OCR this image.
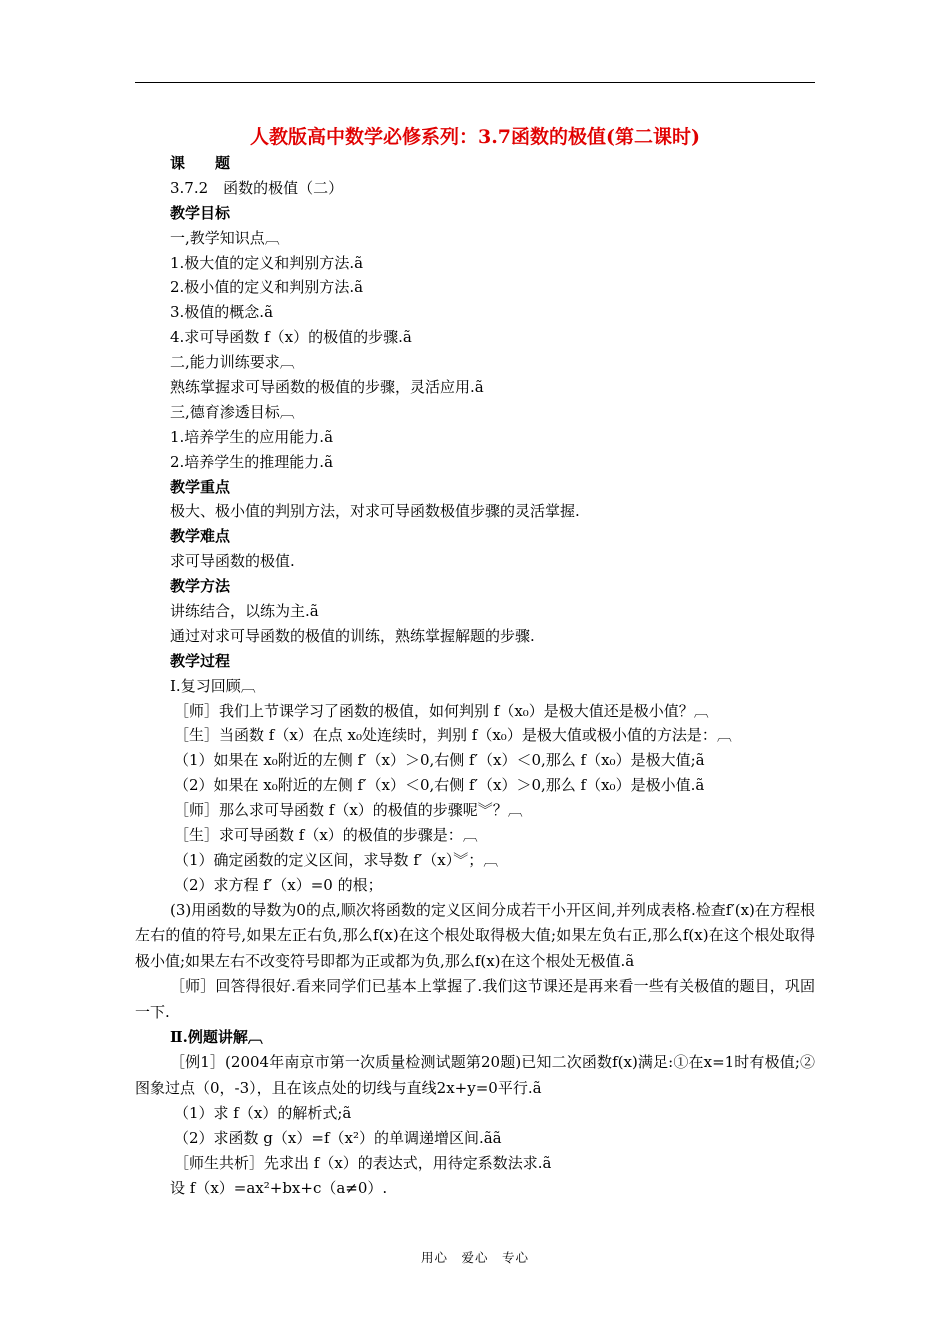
人教版高中数学必修系列：3.7函数的极值(第二课时)
课　　题
3.7.2　函数的极值（二）
教学目标
一,教学知识点︹
1.极大值的定义和判别方法.ã
2.极小值的定义和判别方法.ã
3.极值的概念.ã
4.求可导函数 f（x）的极值的步骤.ã
二,能力训练要求︹
熟练掌握求可导函数的极值的步骤，灵活应用.ã
三,德育渗透目标︹
1.培养学生的应用能力.ã
2.培养学生的推理能力.ã
教学重点
极大、极小值的判别方法，对求可导函数极值步骤的灵活掌握.
教学难点
求可导函数的极值.
教学方法
讲练结合，以练为主.ã
通过对求可导函数的极值的训练，熟练掌握解题的步骤.
教学过程
Ⅰ.复习回顾︹
［师］我们上节课学习了函数的极值，如何判别 f（x₀）是极大值还是极小值？︹
［生］当函数 f（x）在点 x₀处连续时，判别 f（x₀）是极大值或极小值的方法是：︹
（1）如果在 x₀附近的左侧 f′（x）＞0,右侧 f′（x）＜0,那么 f（x₀）是极大值;ã
（2）如果在 x₀附近的左侧 f′（x）＜0,右侧 f′（x）＞0,那么 f（x₀）是极小值.ã
［师］那么求可导函数 f（x）的极值的步骤呢︾？︹
［生］求可导函数 f（x）的极值的步骤是：︹
（1）确定函数的定义区间，求导数 f′（x）︾；︹
（2）求方程 f′（x）=0 的根；
(3)用函数的导数为0的点,顺次将函数的定义区间分成若干小开区间,并列成表格.检查f′(x)在方程根左右的值的符号,如果左正右负,那么f(x)在这个根处取得极大值;如果左负右正,那么f(x)在这个根处取得极小值;如果左右不改变符号即都为正或都为负,那么f(x)在这个根处无极值.ã
［师］回答得很好.看来同学们已基本上掌握了.我们这节课还是再来看一些有关极值的题目，巩固一下.
Ⅱ.例题讲解︹
［例1］(2004年南京市第一次质量检测试题第20题)已知二次函数f(x)满足:①在x=1时有极值;②图象过点（0，-3），且在该点处的切线与直线2x+y=0平行.ã
（1）求 f（x）的解析式;ã
（2）求函数 g（x）=f（x²）的单调递增区间.ãã
［师生共析］先求出 f（x）的表达式，用待定系数法求.ã
设 f（x）=ax²+bx+c（a≠0）.
用心　爱心　专心
